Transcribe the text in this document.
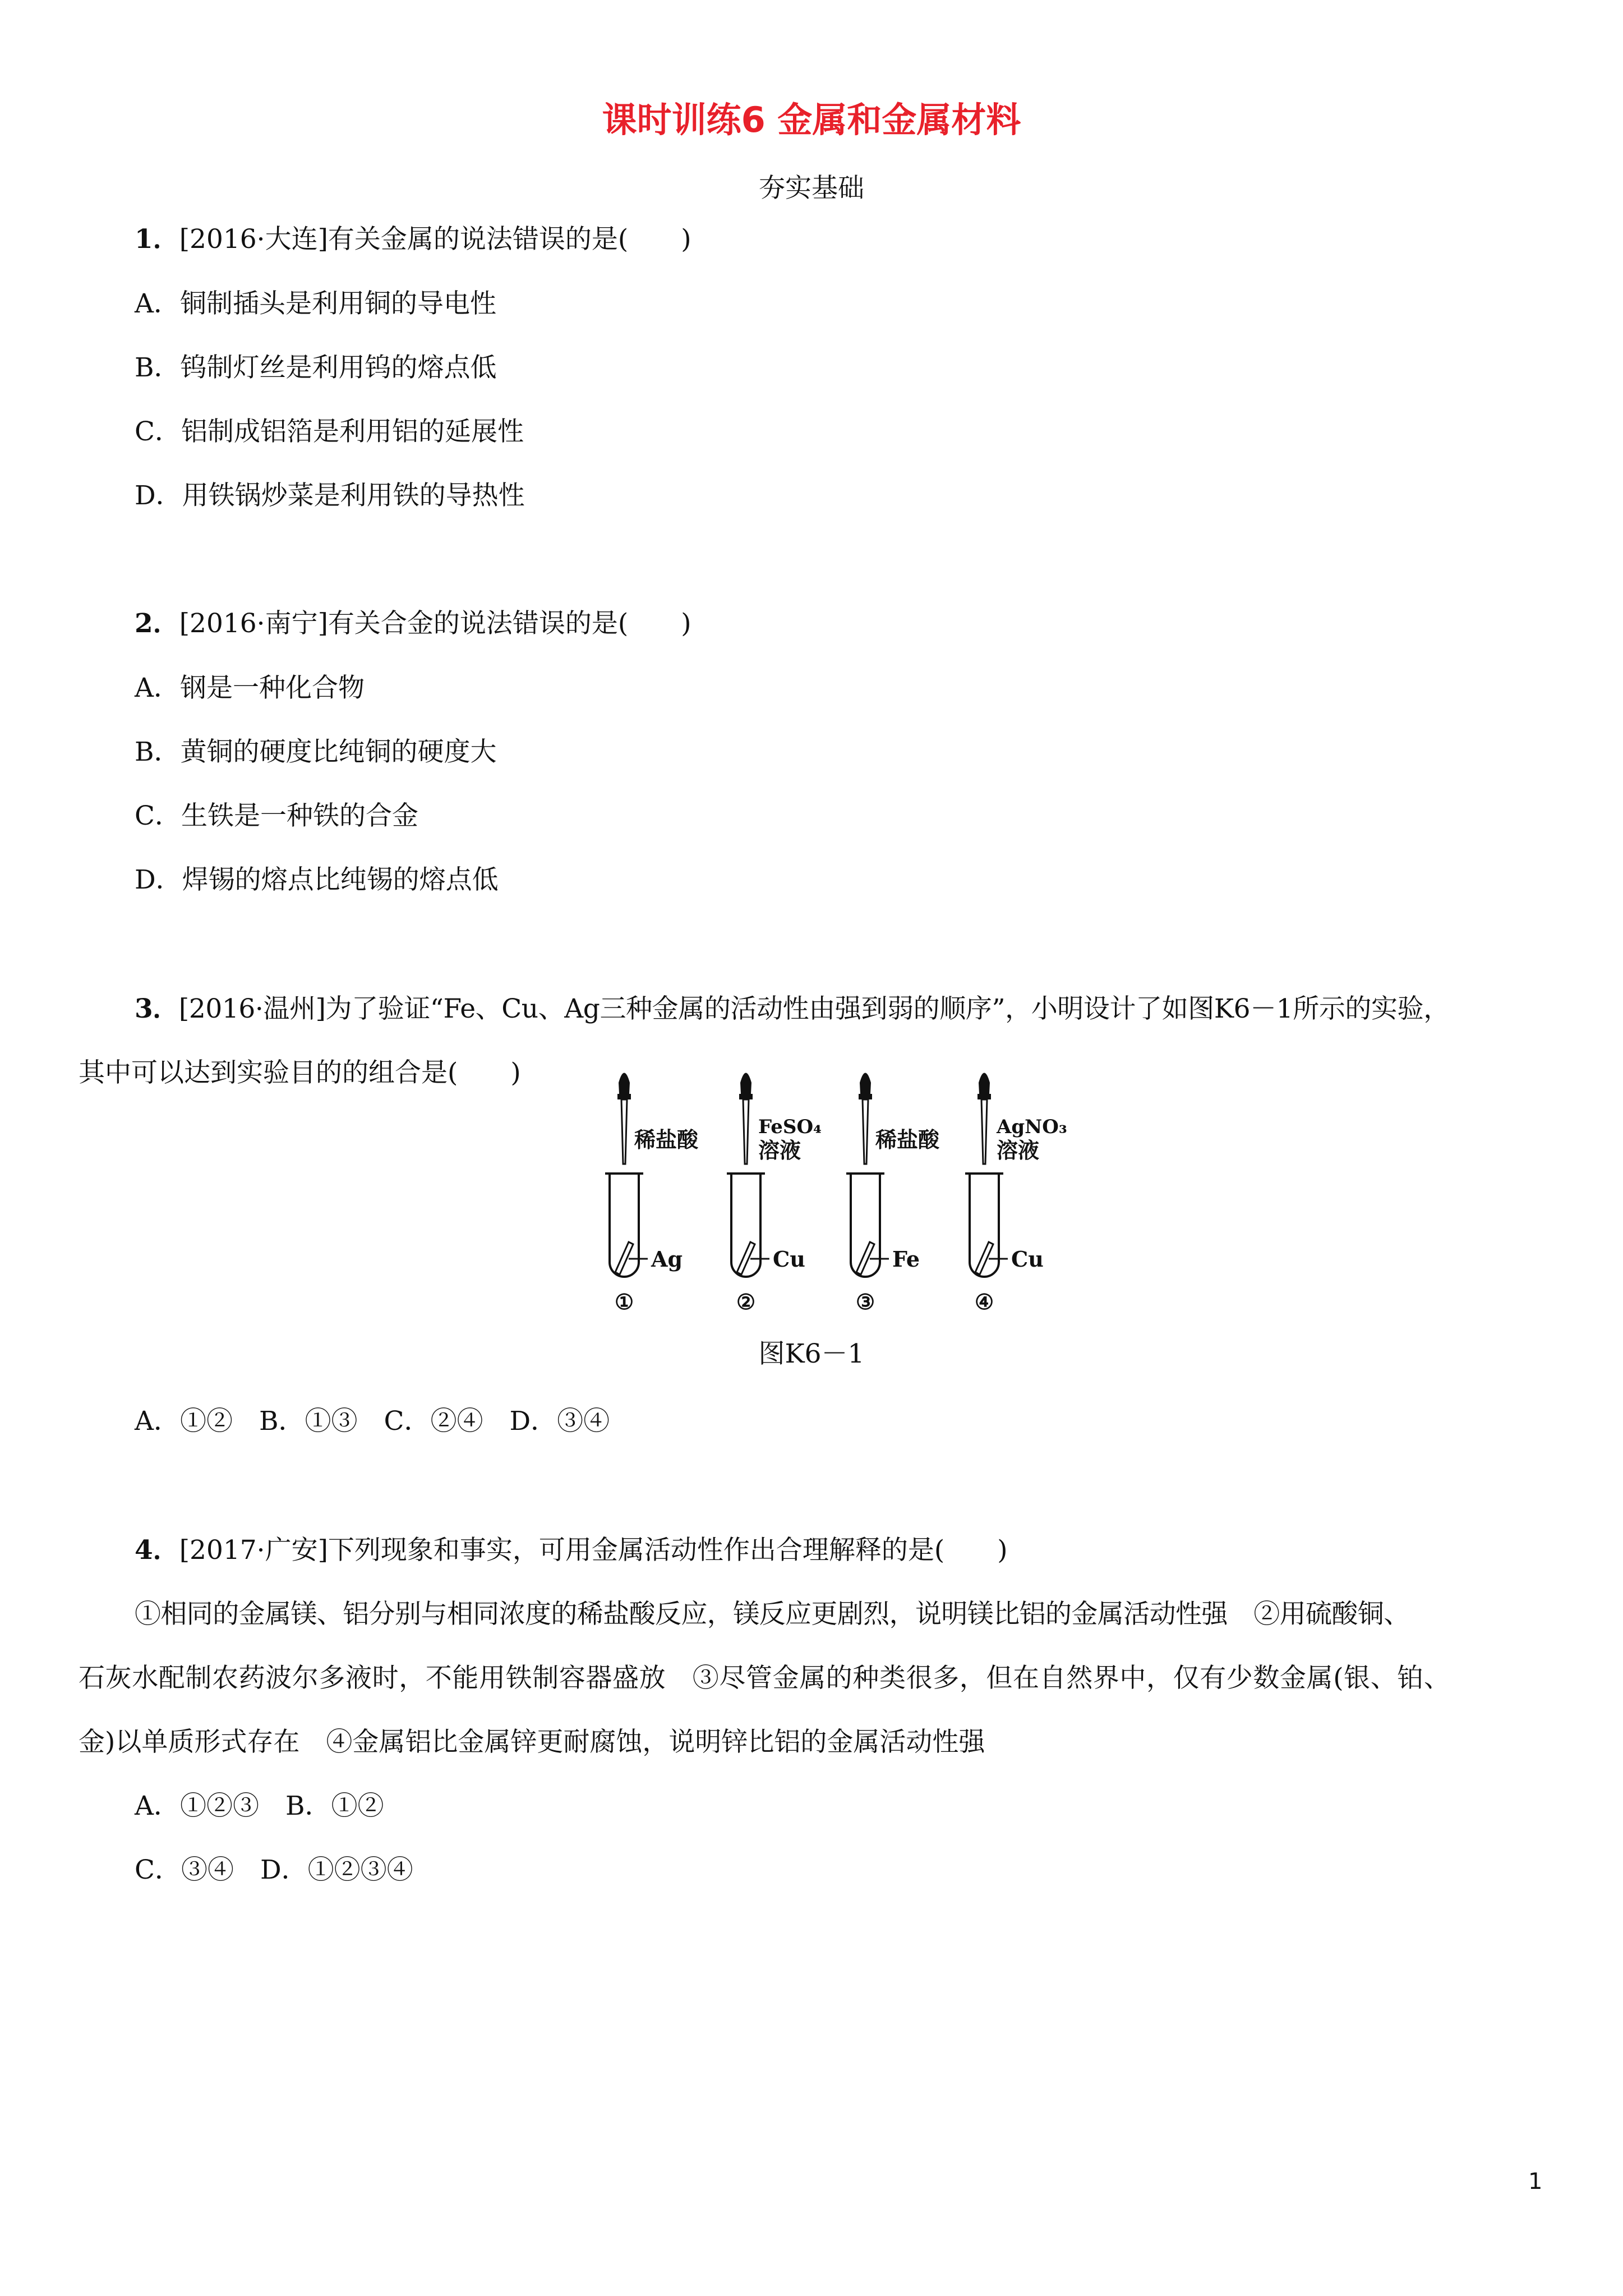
课时训练6 金属和金属材料
夯实基础
1．[2016·大连]有关金属的说法错误的是(　　)
A．铜制插头是利用铜的导电性
B．钨制灯丝是利用钨的熔点低
C．铝制成铝箔是利用铝的延展性
D．用铁锅炒菜是利用铁的导热性
2．[2016·南宁]有关合金的说法错误的是(　　)
A．钢是一种化合物
B．黄铜的硬度比纯铜的硬度大
C．生铁是一种铁的合金
D．焊锡的熔点比纯锡的熔点低
3．[2016·温州]为了验证“Fe、Cu、Ag三种金属的活动性由强到弱的顺序”，小明设计了如图K6－1所示的实验，
其中可以达到实验目的的组合是(　　)
Ag
稀盐酸
①
Cu
FeSO₄
溶液
②
Fe
稀盐酸
③
Cu
AgNO₃
溶液
④
图K6－1
A．①②　B．①③　C．②④　D．③④
4．[2017·广安]下列现象和事实，可用金属活动性作出合理解释的是(　　)
①相同的金属镁、铝分别与相同浓度的稀盐酸反应，镁反应更剧烈，说明镁比铝的金属活动性强　②用硫酸铜、
石灰水配制农药波尔多液时，不能用铁制容器盛放　③尽管金属的种类很多，但在自然界中，仅有少数金属(银、铂、
金)以单质形式存在　④金属铝比金属锌更耐腐蚀，说明锌比铝的金属活动性强
A．①②③　B．①②
C．③④　D．①②③④
1
